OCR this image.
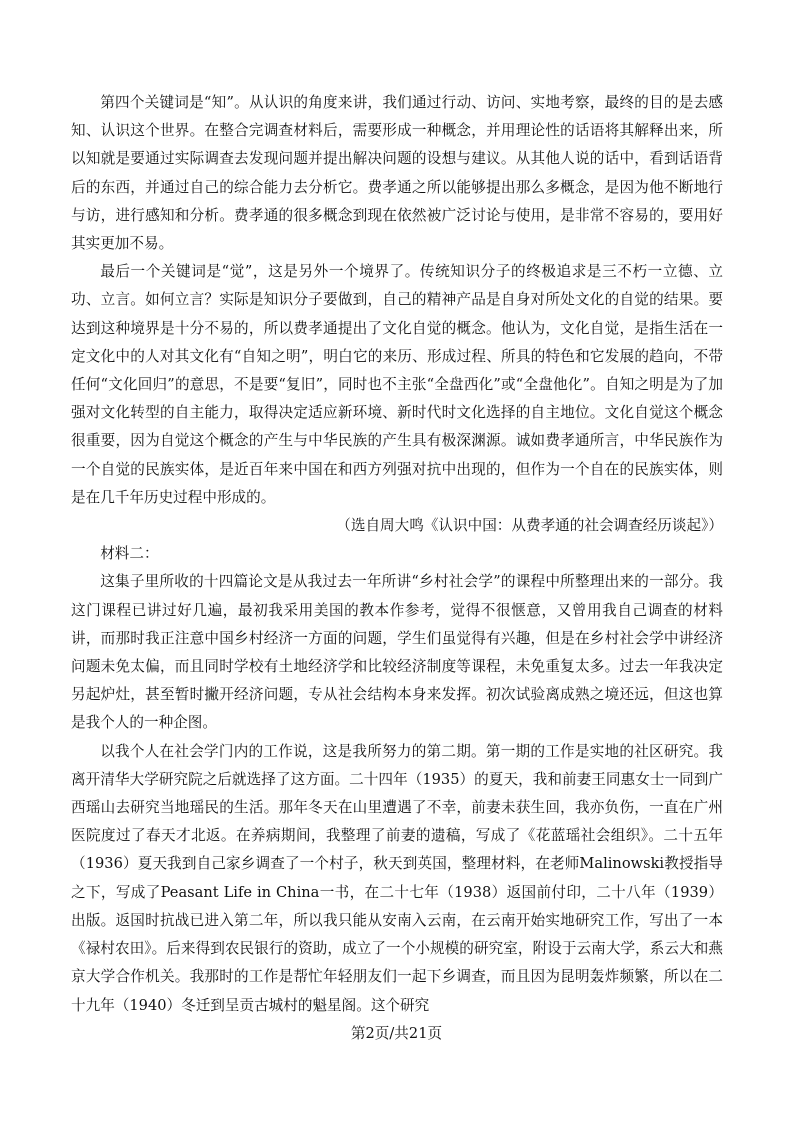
第四个关键词是“知”。从认识的角度来讲，我们通过行动、访问、实地考察，最终的目的是去感知、认识这个世界。在整合完调查材料后，需要形成一种概念，并用理论性的话语将其解释出来，所以知就是要通过实际调查去发现问题并提出解决问题的设想与建议。从其他人说的话中，看到话语背后的东西，并通过自己的综合能力去分析它。费孝通之所以能够提出那么多概念，是因为他不断地行与访，进行感知和分析。费孝通的很多概念到现在依然被广泛讨论与使用，是非常不容易的，要用好其实更加不易。

最后一个关键词是“觉”，这是另外一个境界了。传统知识分子的终极追求是三不朽一立德、立功、立言。如何立言？实际是知识分子要做到，自己的精神产品是自身对所处文化的自觉的结果。要达到这种境界是十分不易的，所以费孝通提出了文化自觉的概念。他认为，文化自觉，是指生活在一定文化中的人对其文化有“自知之明”，明白它的来历、形成过程、所具的特色和它发展的趋向，不带任何“文化回归”的意思，不是要“复旧”，同时也不主张“全盘西化”或“全盘他化”。自知之明是为了加强对文化转型的自主能力，取得决定适应新环境、新时代时文化选择的自主地位。文化自觉这个概念很重要，因为自觉这个概念的产生与中华民族的产生具有极深渊源。诚如费孝通所言，中华民族作为一个自觉的民族实体，是近百年来中国在和西方列强对抗中出现的，但作为一个自在的民族实体，则是在几千年历史过程中形成的。

（选自周大鸣《认识中国：从费孝通的社会调查经历谈起》）

材料二：

这集子里所收的十四篇论文是从我过去一年所讲“乡村社会学”的课程中所整理出来的一部分。我这门课程已讲过好几遍，最初我采用美国的教本作参考，觉得不很惬意，又曾用我自己调查的材料讲，而那时我正注意中国乡村经济一方面的问题，学生们虽觉得有兴趣，但是在乡村社会学中讲经济问题未免太偏，而且同时学校有土地经济学和比较经济制度等课程，未免重复太多。过去一年我决定另起炉灶，甚至暂时撇开经济问题，专从社会结构本身来发挥。初次试验离成熟之境还远，但这也算是我个人的一种企图。

以我个人在社会学门内的工作说，这是我所努力的第二期。第一期的工作是实地的社区研究。我离开清华大学研究院之后就选择了这方面。二十四年（1935）的夏天，我和前妻王同惠女士一同到广西瑶山去研究当地瑶民的生活。那年冬天在山里遭遇了不幸，前妻未获生回，我亦负伤，一直在广州医院度过了春天才北返。在养病期间，我整理了前妻的遗稿，写成了《花蓝瑶社会组织》。二十五年（1936）夏天我到自己家乡调查了一个村子，秋天到英国，整理材料，在老师Malinowski教授指导之下，写成了Peasant Life in China一书，在二十七年（1938）返国前付印，二十八年（1939）出版。返国时抗战已进入第二年，所以我只能从安南入云南，在云南开始实地研究工作，写出了一本《禄村农田》。后来得到农民银行的资助，成立了一个小规模的研究室，附设于云南大学，系云大和燕京大学合作机关。我那时的工作是帮忙年轻朋友们一起下乡调查，而且因为昆明轰炸频繁，所以在二十九年（1940）冬迁到呈贡古城村的魁星阁。这个研究

第2页/共21页
